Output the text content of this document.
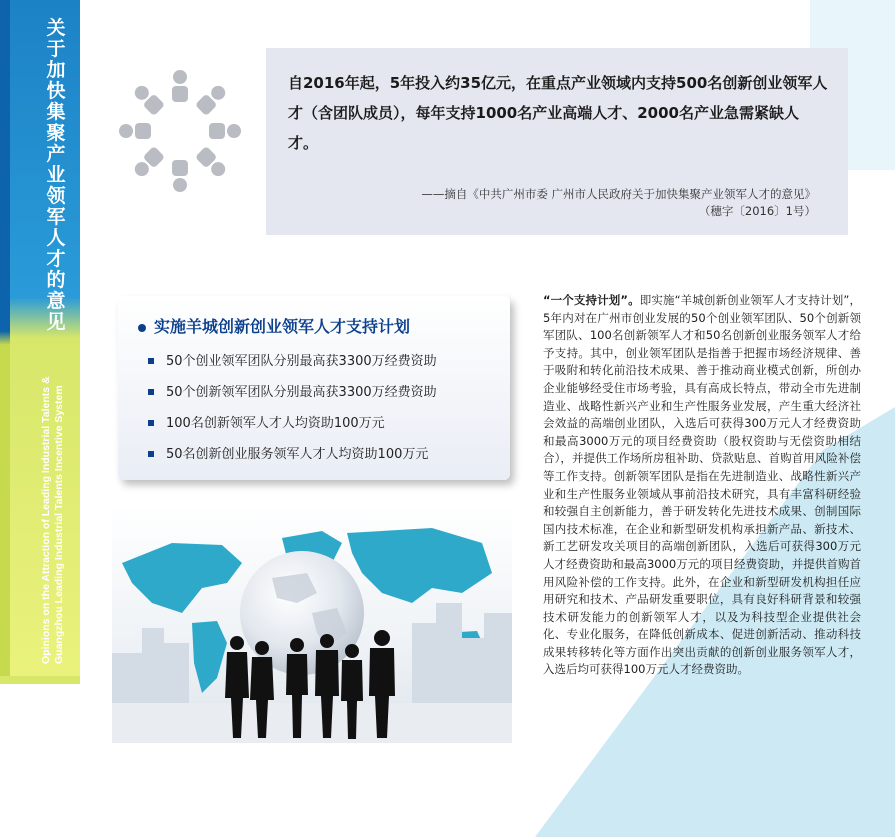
关于加快集聚产业领军人才的意见
Opinions on the Attraction of Leading Industrial Talents & Guangzhou Leading Industrial Talents Incentive System
自2016年起，5年投入约35亿元，在重点产业领域内支持500名创新创业领军人才（含团队成员），每年支持1000名产业高端人才、2000名产业急需紧缺人才。
——摘自《中共广州市委 广州市人民政府关于加快集聚产业领军人才的意见》
（穗字〔2016〕1号）
实施羊城创新创业领军人才支持计划
50个创业领军团队分别最高获3300万经费资助
50个创新领军团队分别最高获3300万经费资助
100名创新领军人才人均资助100万元
50名创新创业服务领军人才人均资助100万元
“一个支持计划”。即实施“羊城创新创业领军人才支持计划”，5年内对在广州市创业发展的50个创业领军团队、50个创新领军团队、100名创新领军人才和50名创新创业服务领军人才给予支持。其中，创业领军团队是指善于把握市场经济规律、善于吸附和转化前沿技术成果、善于推动商业模式创新，所创办企业能够经受住市场考验，具有高成长特点，带动全市先进制造业、战略性新兴产业和生产性服务业发展，产生重大经济社会效益的高端创业团队，入选后可获得300万元人才经费资助和最高3000万元的项目经费资助（股权资助与无偿资助相结合），并提供工作场所房租补助、贷款贴息、首购首用风险补偿等工作支持。创新领军团队是指在先进制造业、战略性新兴产业和生产性服务业领域从事前沿技术研究，具有丰富科研经验和较强自主创新能力，善于研发转化先进技术成果、创制国际国内技术标准，在企业和新型研发机构承担新产品、新技术、新工艺研发攻关项目的高端创新团队，入选后可获得300万元人才经费资助和最高3000万元的项目经费资助，并提供首购首用风险补偿的工作支持。此外，在企业和新型研发机构担任应用研究和技术、产品研发重要职位，具有良好科研背景和较强技术研发能力的创新领军人才，以及为科技型企业提供社会化、专业化服务，在降低创新成本、促进创新活动、推动科技成果转移转化等方面作出突出贡献的创新创业服务领军人才，入选后均可获得100万元人才经费资助。
